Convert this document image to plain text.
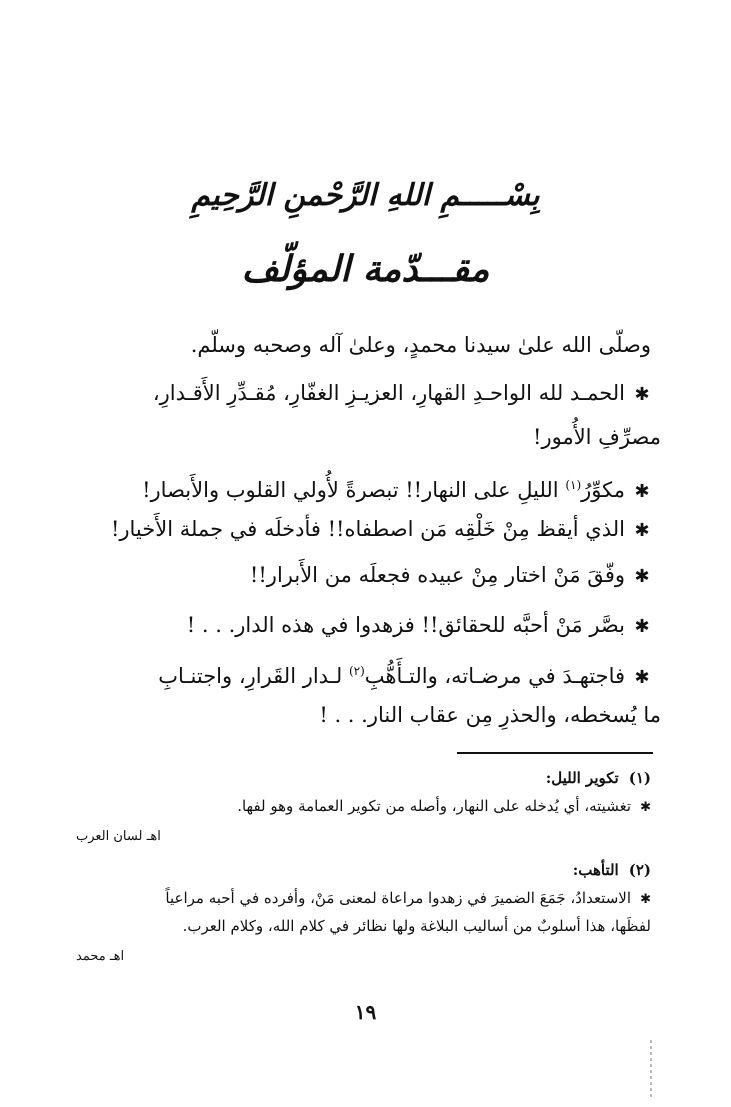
بِسْـــــمِ اللهِ الرَّحْمنِ الرَّحِيمِ
مقـــدّمة المؤلّف
وصلّى الله علىٰ سيدنا محمدٍ، وعلىٰ آله وصحبه وسلّم.
✱الحمـد لله الواحـدِ القهارِ، العزيـزِ الغفّارِ، مُقـدِّرِ الأَقـدارِ،
مصرِّفِ الأُمور!
✱مكوِّرُ$^{(١)}$ الليلِ على النهار!! تبصرةً لأُولي القلوب والأَبصار!
✱الذي أيقظ مِنْ خَلْقِه مَن اصطفاه!! فأدخلَه في جملة الأَخيار!
✱وفّقَ مَنْ اختار مِنْ عبيده فجعلَه من الأَبرار!!
✱بصَّر مَنْ أحبَّه للحقائق!! فزهدوا في هذه الدار. . . !
✱فاجتهـدَ في مرضـاته، والتـأَهُّبِ$^{(٢)}$ لـدار القَرارِ، واجتنـابِ
ما يُسخطه، والحذرِ مِن عقاب النار. . . !
(١)تكوير الليل:
✱تغشيته، أي يُدخله على النهار، وأصله من تكوير العمامة وهو لفها.
اهـ لسان العرب
(٢)التأهب:
✱الاستعدادُ، جَمَعَ الضميرَ في زهدوا مراعاة لمعنى مَنْ، وأفرده في أحبه مراعياً
لفظَها، هذا أسلوبٌ من أساليب البلاغة ولها نظائر في كلام الله، وكلام العرب.
اهـ محمد
١٩
